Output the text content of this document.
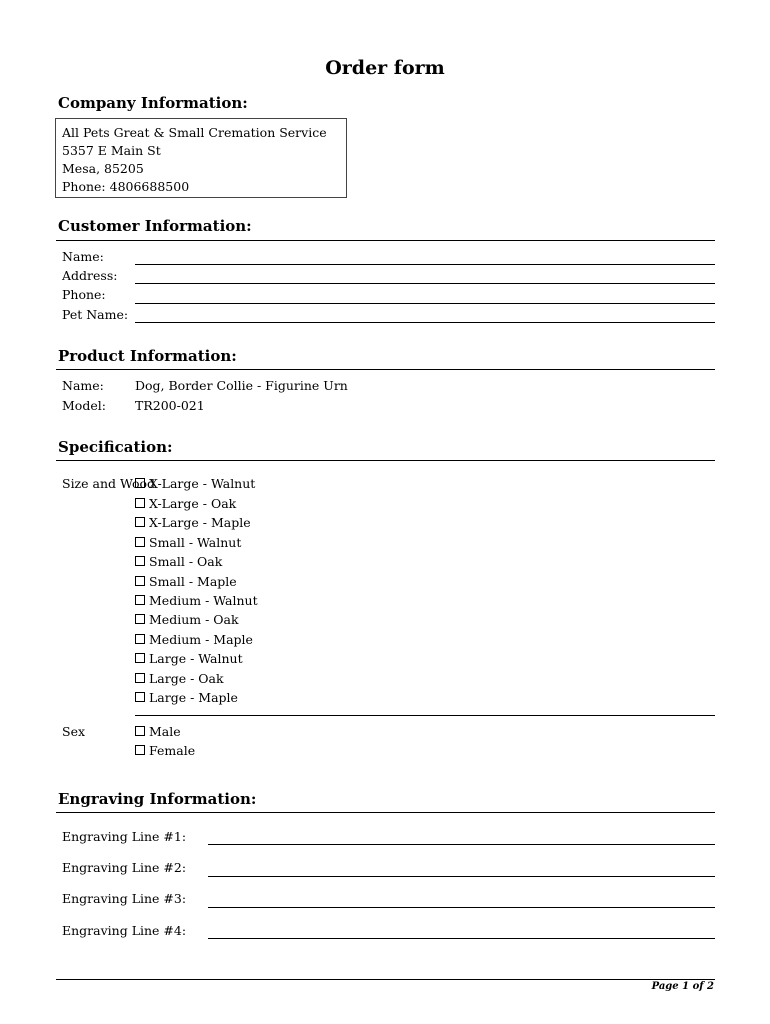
Order form
Company Information:
All Pets Great & Small Cremation Service
5357 E Main St
Mesa, 85205
Phone: 4806688500
Customer Information:
Name:
Address:
Phone:
Pet Name:
Product Information:
Name: Dog, Border Collie - Figurine Urn
Model: TR200-021
Specification:
Size and Wood
X-Large - Walnut
X-Large - Oak
X-Large - Maple
Small - Walnut
Small - Oak
Small - Maple
Medium - Walnut
Medium - Oak
Medium - Maple
Large - Walnut
Large - Oak
Large - Maple
Sex	Male
Female
Engraving Information:
Engraving Line #1:
Engraving Line #2:
Engraving Line #3:
Engraving Line #4:
Page 1 of 2
